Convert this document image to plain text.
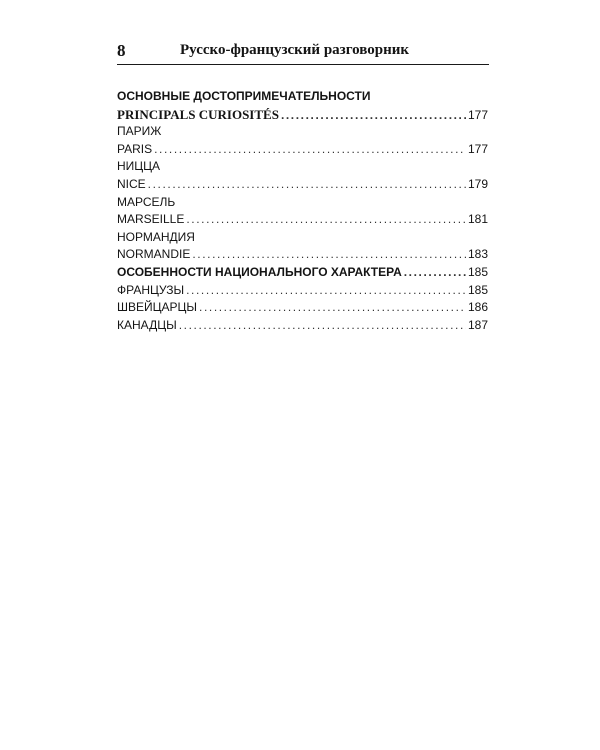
8	Русско-французский разговорник
ОСНОВНЫЕ ДОСТОПРИМЕЧАТЕЛЬНОСТИ
PRINCIPALS CURIOSITÉS .....	177
ПАРИЖ
PARIS .....	177
НИЦЦА
NICE .....	179
МАРСЕЛЬ
MARSEILLE .....	181
НОРМАНДИЯ
NORMANDIE .....	183
ОСОБЕННОСТИ НАЦИОНАЛЬНОГО ХАРАКТЕРА .....	185
ФРАНЦУЗЫ .....	185
ШВЕЙЦАРЦЫ .....	186
КАНАДЦЫ .....	187
